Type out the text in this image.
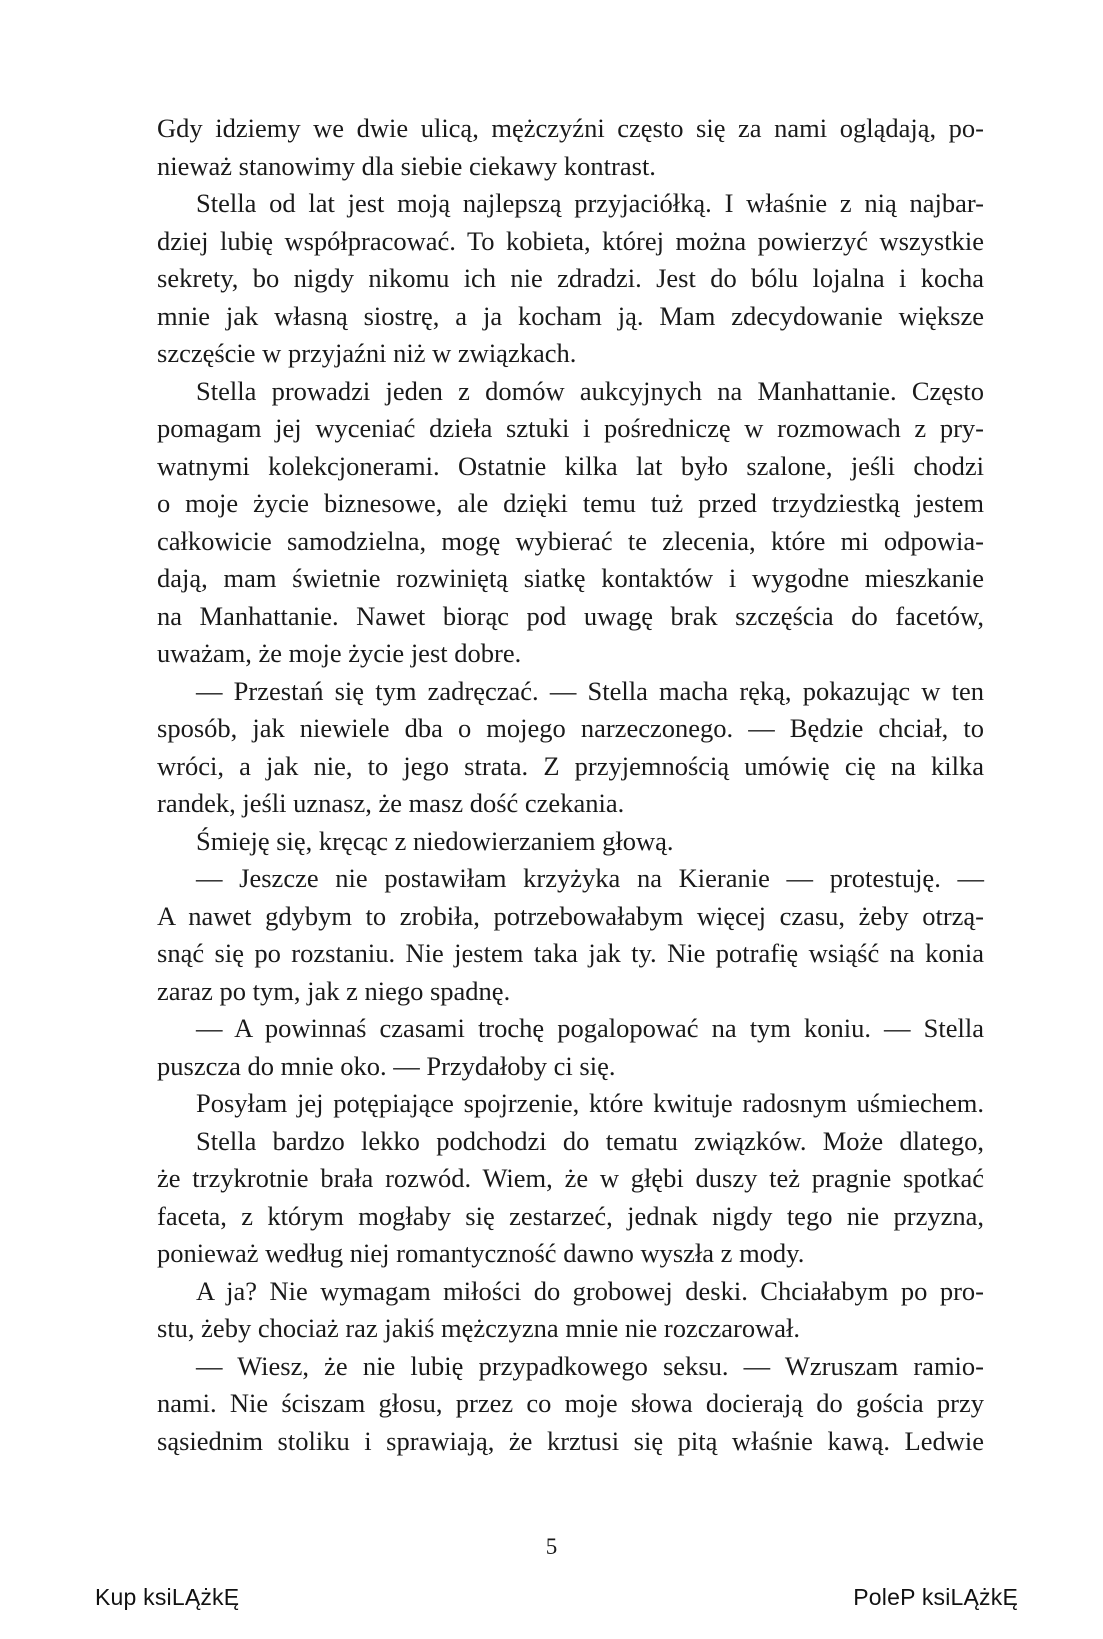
Gdy idziemy we dwie ulicą, mężczyźni często się za nami oglądają, po-
nieważ stanowimy dla siebie ciekawy kontrast.
Stella od lat jest moją najlepszą przyjaciółką. I właśnie z nią najbar-
dziej lubię współpracować. To kobieta, której można powierzyć wszystkie
sekrety, bo nigdy nikomu ich nie zdradzi. Jest do bólu lojalna i kocha
mnie jak własną siostrę, a ja kocham ją. Mam zdecydowanie większe
szczęście w przyjaźni niż w związkach.
Stella prowadzi jeden z domów aukcyjnych na Manhattanie. Często
pomagam jej wyceniać dzieła sztuki i pośredniczę w rozmowach z pry-
watnymi kolekcjonerami. Ostatnie kilka lat było szalone, jeśli chodzi
o moje życie biznesowe, ale dzięki temu tuż przed trzydziestką jestem
całkowicie samodzielna, mogę wybierać te zlecenia, które mi odpowia-
dają, mam świetnie rozwiniętą siatkę kontaktów i wygodne mieszkanie
na Manhattanie. Nawet biorąc pod uwagę brak szczęścia do facetów,
uważam, że moje życie jest dobre.
— Przestań się tym zadręczać. — Stella macha ręką, pokazując w ten
sposób, jak niewiele dba o mojego narzeczonego. — Będzie chciał, to
wróci, a jak nie, to jego strata. Z przyjemnością umówię cię na kilka
randek, jeśli uznasz, że masz dość czekania.
Śmieję się, kręcąc z niedowierzaniem głową.
— Jeszcze nie postawiłam krzyżyka na Kieranie — protestuję. —
A nawet gdybym to zrobiła, potrzebowałabym więcej czasu, żeby otrzą-
snąć się po rozstaniu. Nie jestem taka jak ty. Nie potrafię wsiąść na konia
zaraz po tym, jak z niego spadnę.
— A powinnaś czasami trochę pogalopować na tym koniu. — Stella
puszcza do mnie oko. — Przydałoby ci się.
Posyłam jej potępiające spojrzenie, które kwituje radosnym uśmiechem.
Stella bardzo lekko podchodzi do tematu związków. Może dlatego,
że trzykrotnie brała rozwód. Wiem, że w głębi duszy też pragnie spotkać
faceta, z którym mogłaby się zestarzeć, jednak nigdy tego nie przyzna,
ponieważ według niej romantyczność dawno wyszła z mody.
A ja? Nie wymagam miłości do grobowej deski. Chciałabym po pro-
stu, żeby chociaż raz jakiś mężczyzna mnie nie rozczarował.
— Wiesz, że nie lubię przypadkowego seksu. — Wzruszam ramio-
nami. Nie ściszam głosu, przez co moje słowa docierają do gościa przy
sąsiednim stoliku i sprawiają, że krztusi się pitą właśnie kawą. Ledwie
5
Kup ksiLĄżkĘ	PoleP ksiLĄżkĘ
